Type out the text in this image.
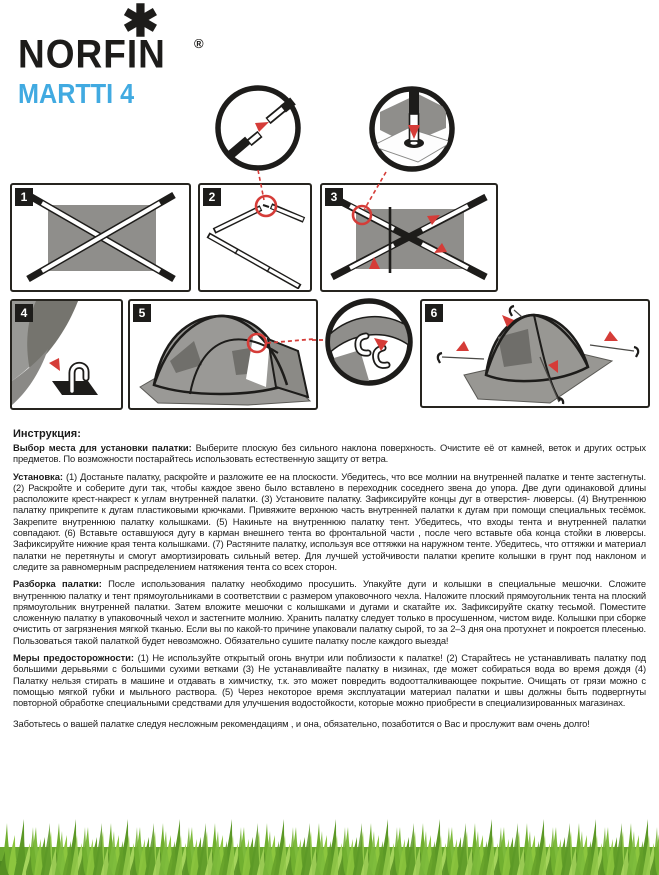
✱	®
NORFIN
MARTTI 4
1	2	3
4	5	6

Инструкция:

Выбор места для установки палатки: Выберите плоскую без сильного наклона поверхность. Очистите её от камней, веток и других острых предметов. По возможности постарайтесь использовать естественную защиту от ветра.

Установка: (1) Достаньте палатку, раскройте и разложите ее на плоскости. Убедитесь, что все молнии на внутренней палатке и тенте застегнуты. (2) Раскройте и соберите дуги так, чтобы каждое звено было вставлено в переходник соседнего звена до упора. Две дуги одинаковой длины расположите крест-накрест к углам внутренней палатки. (3) Установите палатку. Зафиксируйте концы дуг в отверстия- люверсы. (4) Внутреннюю палатку прикрепите к дугам пластиковыми крючками. Привяжите верхнюю часть внутренней палатки к дугам при помощи специальных тесёмок. Закрепите внутреннюю палатку колышками. (5) Накиньте на внутреннюю палатку тент. Убедитесь, что входы тента и внутренней палатки совпадают. (6) Вставьте оставшуюся дугу в карман внешнего тента во фронтальной части , после чего вставьте оба конца стойки в люверсы. Зафиксируйте нижние края тента колышками. (7) Растяните палатку, используя все оттяжки на наружном тенте. Убедитесь, что оттяжки и материал палатки не перетянуты и смогут амортизировать сильный ветер. Для лучшей устойчивости палатки крепите колышки в грунт под наклоном и следите за равномерным распределением натяжения тента со всех сторон.

Разборка палатки: После использования палатку необходимо просушить. Упакуйте дуги и колышки в специальные мешочки. Сложите внутреннюю палатку и тент прямоугольниками в соответствии с размером упаковочного чехла. Наложите плоский прямоугольник тента на плоский прямоугольник внутренней палатки. Затем вложите мешочки с колышками и дугами и скатайте их. Зафиксируйте скатку тесьмой. Поместите сложенную палатку в упаковочный чехол и застегните молнию. Хранить палатку следует только в просушенном, чистом виде. Колышки при сборке очистить от загрязнения мягкой тканью. Если вы по какой-то причине упаковали палатку сырой, то за 2–3 дня она протухнет и покроется плесенью. Пользоваться такой палаткой будет невозможно. Обязательно сушите палатку после каждого выезда!

Меры предосторожности: (1) Не используйте открытый огонь внутри или поблизости к палатке! (2) Старайтесь не устанавливать палатку под большими дерьвьями с большими сухими ветками (3) Не устанавливайте палатку в низинах, где может собираться вода во время дождя (4) Палатку нельзя стирать в машине и отдавать в химчистку, т.к. это может повредить водоотталкивающее покрытие. Очищать от грязи можно с помощью мягкой губки и мыльного раствора. (5) Через некоторое время эксплуатации материал палатки и швы должны быть подвергнуты повторной обработке специальными средствами для улучшения водостойкости, которые можно приобрести в специализированных магазинах.

Заботьтесь о вашей палатке следуя несложным рекомендациям , и она, обязательно, позаботится о Вас и прослужит вам очень долго!
